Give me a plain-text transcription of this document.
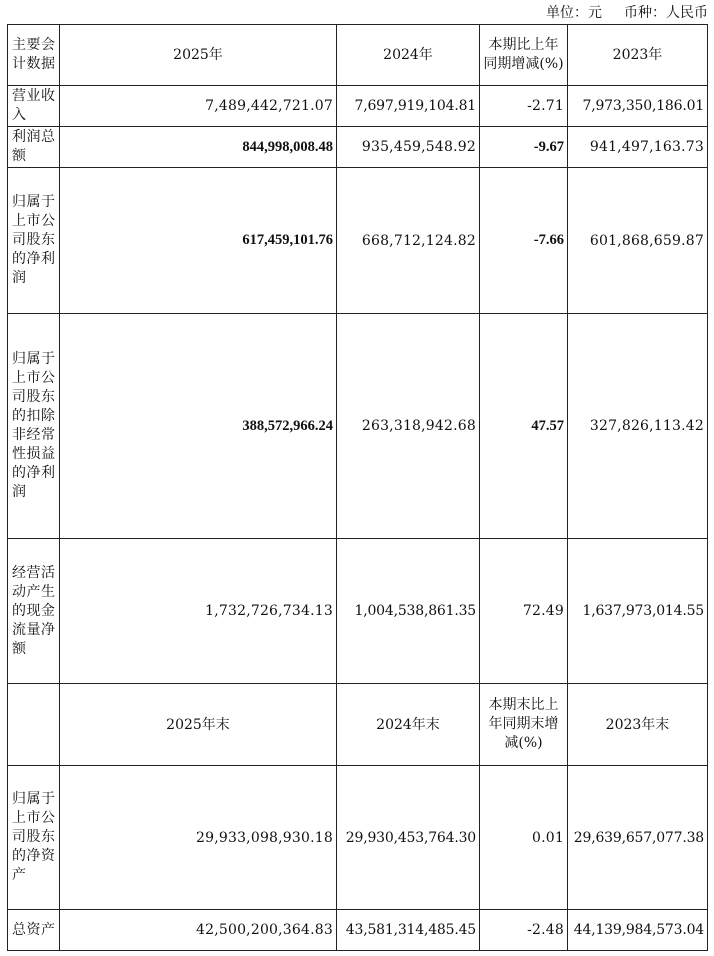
单位：元 币种：人民币
主要会计数据	2025年	2024年	本期比上年同期增减(%)	2023年
营业收入	7,489,442,721.07	7,697,919,104.81	-2.71	7,973,350,186.01
利润总额	844,998,008.48	935,459,548.92	-9.67	941,497,163.73
归属于上市公司股东的净利润	617,459,101.76	668,712,124.82	-7.66	601,868,659.87
归属于上市公司股东的扣除非经常性损益的净利润	388,572,966.24	263,318,942.68	47.57	327,826,113.42
经营活动产生的现金流量净额	1,732,726,734.13	1,004,538,861.35	72.49	1,637,973,014.55
	2025年末	2024年末	本期末比上年同期末增减(%)	2023年末
归属于上市公司股东的净资产	29,933,098,930.18	29,930,453,764.30	0.01	29,639,657,077.38
总资产	42,500,200,364.83	43,581,314,485.45	-2.48	44,139,984,573.04
